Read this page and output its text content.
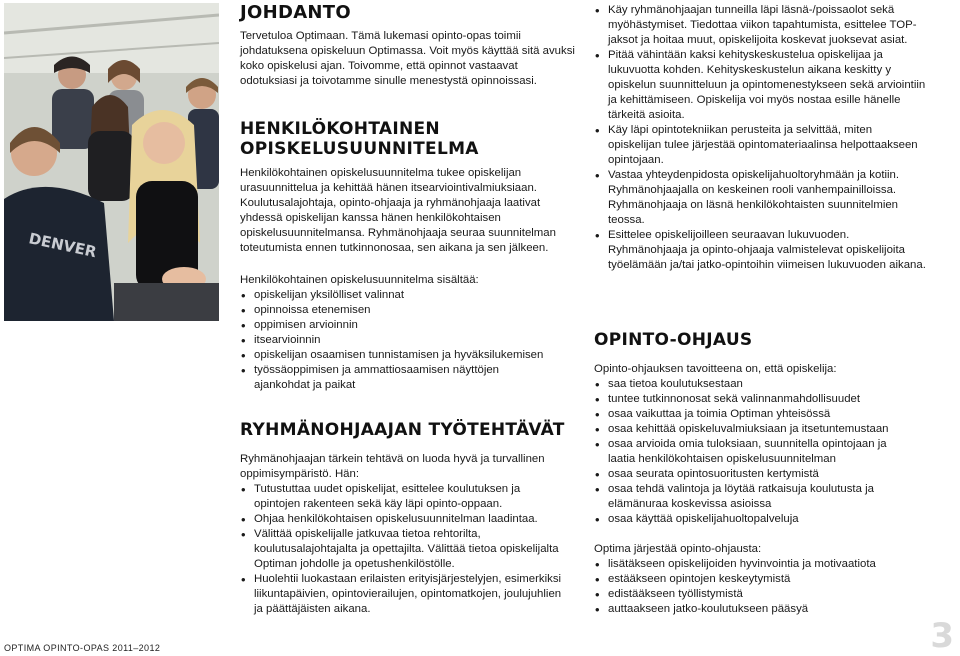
DENVER
JOHDANTO

Tervetuloa Optimaan. Tämä lukemasi opinto-opas toimii johdatuksena opiskeluun Optimassa. Voit myös käyttää sitä avuksi koko opiskelusi ajan. Toivomme, että opinnot vastaavat odotuksiasi ja toivotamme sinulle menestystä opinnoissasi.

HENKILÖKOHTAINEN
OPISKELUSUUNNITELMA

Henkilökohtainen opiskelusuunnitelma tukee opiskelijan urasuunnittelua ja kehittää hänen itsearviointivalmiuksiaan. Koulutusalajohtaja, opinto-ohjaaja ja ryhmänohjaaja laativat yhdessä opiskelijan kanssa hänen henkilökohtaisen opiskelusuunnitelmansa. Ryhmänohjaaja seuraa suunnitelman toteutumista ennen tutkinnonosaa, sen aikana ja sen jälkeen.

Henkilökohtainen opiskelusuunnitelma sisältää:

• opiskelijan yksilölliset valinnat
• opinnoissa etenemisen
• oppimisen arvioinnin
• itsearvioinnin
• opiskelijan osaamisen tunnistamisen ja hyväksilukemisen
• työssäoppimisen ja ammattiosaamisen näyttöjen ajankohdat ja paikat
RYHMÄNOHJAAJAN TYÖTEHTÄVÄT

Ryhmänohjaajan tärkein tehtävä on luoda hyvä ja turvallinen oppimisympäristö. Hän:

• Tutustuttaa uudet opiskelijat, esittelee koulutuksen ja opintojen rakenteen sekä käy läpi opinto-oppaan.
• Ohjaa henkilökohtaisen opiskelusuunnitelman laadintaa.
• Välittää opiskelijalle jatkuvaa tietoa rehtorilta, koulutusalajohtajalta ja opettajilta. Välittää tietoa opiskelijalta Optiman johdolle ja opetushenkilöstölle.
• Huolehtii luokastaan erilaisten erityisjärjestelyjen, esimerkiksi liikuntapäivien, opintovierailujen, opintomatkojen, joulujuhlien ja päättäjäisten aikana.
• Käy ryhmänohjaajan tunneilla läpi läsnä-/poissaolot sekä myöhästymiset. Tiedottaa viikon tapahtumista, esittelee TOP-jaksot ja hoitaa muut, opiskelijoita koskevat juoksevat asiat.
• Pitää vähintään kaksi kehityskeskustelua opiskelijaa ja lukuvuotta kohden. Kehityskeskustelun aikana keskitty y opiskelun suunnitteluun ja opintomenestykseen sekä arviointiin ja kehittämiseen. Opiskelija voi myös nostaa esille hänelle tärkeitä asioita.
• Käy läpi opintotekniikan perusteita ja selvittää, miten opiskelijan tulee järjestää opintomateriaalinsa helpottaakseen opintojaan.
• Vastaa yhteydenpidosta opiskelijahuoltoryhmään ja kotiin. Ryhmänohjaajalla on keskeinen rooli vanhempainilloissa. Ryhmänohjaaja on läsnä henkilökohtaisten suunnitelmien teossa.
• Esittelee opiskelijoilleen seuraavan lukuvuoden. Ryhmänohjaaja ja opinto-ohjaaja valmistelevat opiskelijoita työelämään ja/tai jatko-opintoihin viimeisen lukuvuoden aikana.
OPINTO-OHJAUS

Opinto-ohjauksen tavoitteena on, että opiskelija:

• saa tietoa koulutuksestaan
• tuntee tutkinnonosat sekä valinnanmahdollisuudet
• osaa vaikuttaa ja toimia Optiman yhteisössä
• osaa kehittää opiskeluvalmiuksiaan ja itsetuntemustaan
• osaa arvioida omia tuloksiaan, suunnitella opintojaan ja laatia henkilökohtaisen opiskelusuunnitelman
• osaa seurata opintosuoritusten kertymistä
• osaa tehdä valintoja ja löytää ratkaisuja koulutusta ja elämänuraa koskevissa asioissa
• osaa käyttää opiskelijahuoltopalveluja

Optima järjestää opinto-ohjausta:

• lisätäkseen opiskelijoiden hyvinvointia ja motivaatiota
• estääkseen opintojen keskeytymistä
• edistääkseen työllistymistä
• auttaakseen jatko-koulutukseen pääsyä
OPTIMA OPINTO-OPAS 2011–2012	3
